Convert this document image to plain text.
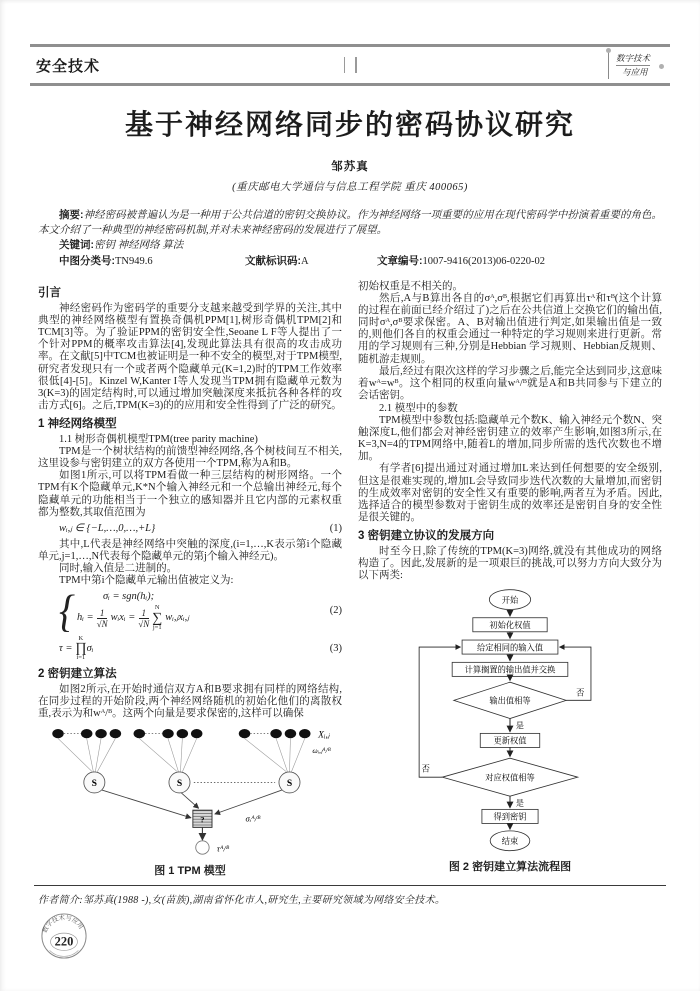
安全技术	数字技术
与应用
基于神经网络同步的密码协议研究
邹苏真
(重庆邮电大学通信与信息工程学院 重庆 400065)

摘要:神经密码被普遍认为是一种用于公共信道的密钥交换协议。作为神经网络一项重要的应用在现代密码学中扮演着重要的角色。本文介绍了一种典型的神经密码机制,并对未来神经密码的发展进行了展望。

关键词:密钥 神经网络 算法

中图分类号:TN949.6	文献标识码:A	文章编号:1007-9416(2013)06-0220-02
引言

神经密码作为密码学的重要分支越来越受到学界的关注,其中典型的神经网络模型有置换奇偶机PPM[1],树形奇偶机TPM[2]和TCM[3]等。为了验证PPM的密钥安全性,Seoane L F等人提出了一个针对PPM的概率攻击算法[4],发现此算法具有很高的攻击成功率。在文献[5]中TCM也被证明是一种不安全的模型,对于TPM模型,研究者发现只有一个或者两个隐藏单元(K=1,2)时的TPM工作效率很低[4]-[5]。Kinzel W,Kanter I等人发现当TPM拥有隐藏单元数为3(K=3)的固定结构时,可以通过增加突触深度来抵抗各种各样的攻击方式[6]。之后,TPM(K=3)的的应用和安全性得到了广泛的研究。

1 神经网络模型
1.1 树形奇偶机模型TPM(tree parity machine)

TPM是一个树状结构的前馈型神经网络,各个树枝间互不相关,这里设参与密钥建立的双方各使用一个TPM,称为A和B。

如图1所示,可以将TPM看做一种三层结构的树形网络。一个TPM有K个隐藏单元,K*N个输入神经元和一个总输出神经元,每个隐藏单元的功能相当于一个独立的感知器并且它内部的元素权重都为整数,其取值范围为

wᵢ,ⱼ ∈ {−L,…,0,…,+L}	(1)

其中,L代表是神经网络中突触的深度,(i=1,…,K表示第i个隐藏单元,j=1,…,N代表每个隐藏单元的第j个输入神经元)。

同时,输入值是二进制的。

TPM中第i个隐藏单元输出值被定义为:

{	σᵢ = sgn(hᵢ);
hᵢ = $\frac{1}{√N}$ wᵢxᵢ = $\frac{1}{√N}$ N
∑
j=1
wᵢ,ⱼxᵢ,ⱼ
(2)
τ =

K
∏
i=1
σᵢ	(3)
2 密钥建立算法

如图2所示,在开始时通信双方A和B要求拥有同样的网络结构,在同步过程的开始阶段,两个神经网络随机的初始化他们的离散权重,表示为和wᴬ/ᴮ。这两个向量是要求保密的,这样可以确保

Xᵢ,ⱼ
ωᵢ,ⱼᴬ/ᴮ
S	S	S
?	σᵢᴬ/ᴮ
τᴬ/ᴮ
图 1 TPM 模型

初始权重是不相关的。

然后,A与B算出各自的σᴬ,σᴮ,根据它们再算出τᴬ和τᴮ(这个计算的过程在前面已经介绍过了)之后在公共信道上交换它们的输出值,同时σᴬ,σᴮ要求保密。A、B对输出值进行判定,如果输出值是一致的,则他们各自的权重会通过一种特定的学习规则来进行更新。常用的学习规则有三种,分别是Hebbian 学习规则、Hebbian反规则、随机游走规则。

最后,经过有限次这样的学习步骤之后,能完全达到同步,这意味着wᴬ=wᴮ。这个相同的权重向量wᴬ/ᴮ就是A和B共同参与下建立的会话密钥。

2.1 模型中的参数

TPM模型中参数包括:隐藏单元个数K、输入神经元个数N、突触深度L,他们都会对神经密钥建立的效率产生影响,如图3所示,在K=3,N=4的TPM网络中,随着L的增加,同步所需的迭代次数也不增加。

有学者[6]提出通过对通过增加L来达到任何想要的安全级别,但这是很难实现的,增加L会导致同步迭代次数的大量增加,而密钥的生成效率对密钥的安全性又有重要的影响,两者互为矛盾。因此,选择适合的模型参数对于密钥生成的效率还是密钥自身的安全性是很关键的。

3 密钥建立协议的发展方向

时至今日,除了传统的TPM(K=3)网络,就没有其他成功的网络构造了。因此,发展新的是一项艰巨的挑战,可以努力方向大致分为以下两类:

开始
初始化权值
给定相同的输入值
计算搁置的输出值并交换
输出值相等
否
是
更新权值
对应权值相等
否
是
得到密钥
结束
图 2 密钥建立算法流程图
作者简介:邹苏真(1988 -),女(苗族),湖南省怀化市人,研究生,主要研究领域为网络安全技术。
数字技术与应用
220
